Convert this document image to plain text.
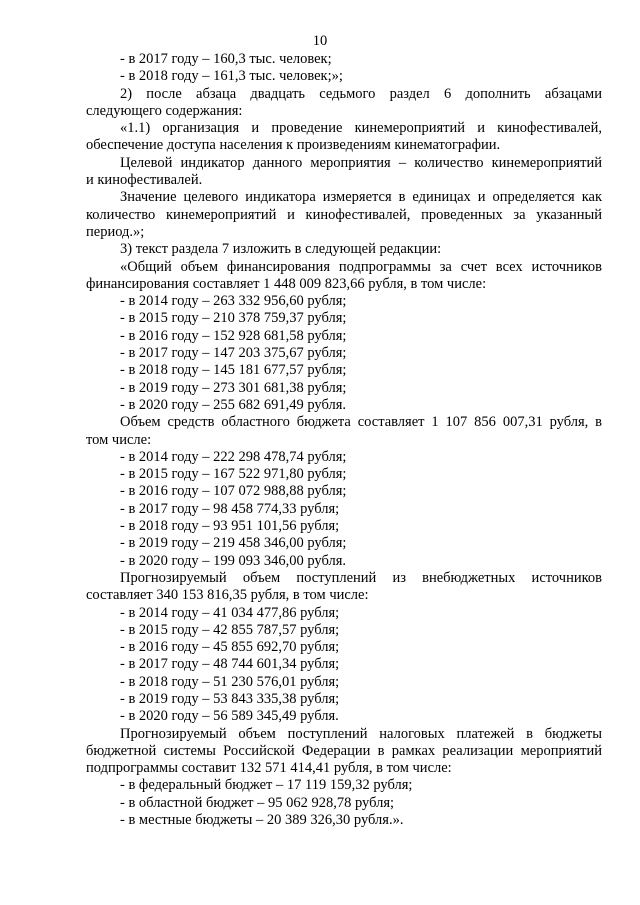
10

- в 2017 году – 160,3 тыс. человек;

- в 2018 году – 161,3 тыс. человек;»;

2) после абзаца двадцать седьмого раздел 6 дополнить абзацами

следующего содержания:

«1.1) организация и проведение кинемероприятий и кинофестивалей,

обеспечение доступа населения к произведениям кинематографии.

Целевой индикатор данного мероприятия – количество кинемероприятий

и кинофестивалей.

Значение целевого индикатора измеряется в единицах и определяется как

количество кинемероприятий и кинофестивалей, проведенных за указанный

период.»;

3) текст раздела 7 изложить в следующей редакции:

«Общий объем финансирования подпрограммы за счет всех источников

финансирования составляет 1 448 009 823,66 рубля, в том числе:

- в 2014 году – 263 332 956,60 рубля;

- в 2015 году – 210 378 759,37 рубля;

- в 2016 году – 152 928 681,58 рубля;

- в 2017 году – 147 203 375,67 рубля;

- в 2018 году – 145 181 677,57 рубля;

- в 2019 году – 273 301 681,38 рубля;

- в 2020 году – 255 682 691,49 рубля.

Объем средств областного бюджета составляет 1 107 856 007,31 рубля, в

том числе:

- в 2014 году – 222 298 478,74 рубля;

- в 2015 году – 167 522 971,80 рубля;

- в 2016 году – 107 072 988,88 рубля;

- в 2017 году – 98 458 774,33 рубля;

- в 2018 году – 93 951 101,56 рубля;

- в 2019 году – 219 458 346,00 рубля;

- в 2020 году – 199 093 346,00 рубля.

Прогнозируемый объем поступлений из внебюджетных источников

составляет 340 153 816,35 рубля, в том числе:

- в 2014 году – 41 034 477,86 рубля;

- в 2015 году – 42 855 787,57 рубля;

- в 2016 году – 45 855 692,70 рубля;

- в 2017 году – 48 744 601,34 рубля;

- в 2018 году – 51 230 576,01 рубля;

- в 2019 году – 53 843 335,38 рубля;

- в 2020 году – 56 589 345,49 рубля.

Прогнозируемый объем поступлений налоговых платежей в бюджеты

бюджетной системы Российской Федерации в рамках реализации мероприятий

подпрограммы составит 132 571 414,41 рубля, в том числе:

- в федеральный бюджет – 17 119 159,32 рубля;

- в областной бюджет – 95 062 928,78 рубля;

- в местные бюджеты – 20 389 326,30 рубля.».
